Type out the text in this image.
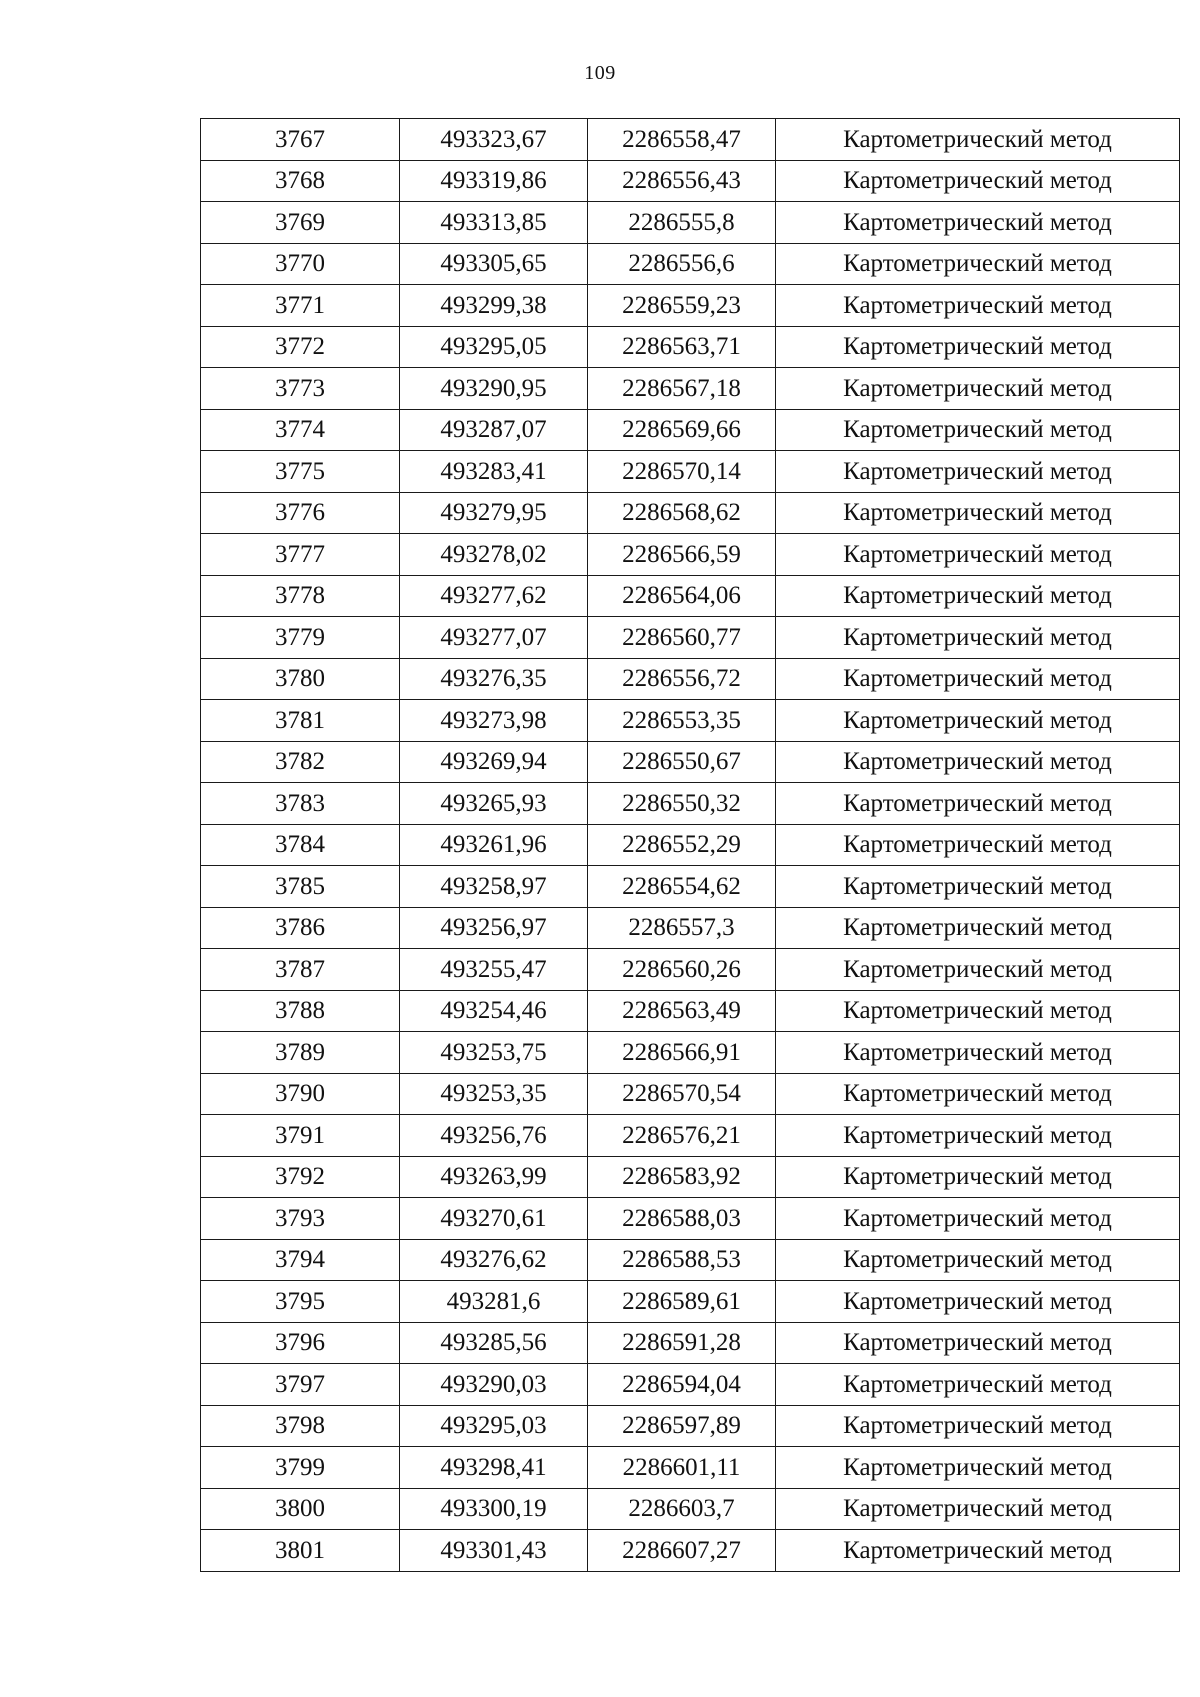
109
3767	493323,67	2286558,47	Картометрический метод
3768	493319,86	2286556,43	Картометрический метод
3769	493313,85	2286555,8	Картометрический метод
3770	493305,65	2286556,6	Картометрический метод
3771	493299,38	2286559,23	Картометрический метод
3772	493295,05	2286563,71	Картометрический метод
3773	493290,95	2286567,18	Картометрический метод
3774	493287,07	2286569,66	Картометрический метод
3775	493283,41	2286570,14	Картометрический метод
3776	493279,95	2286568,62	Картометрический метод
3777	493278,02	2286566,59	Картометрический метод
3778	493277,62	2286564,06	Картометрический метод
3779	493277,07	2286560,77	Картометрический метод
3780	493276,35	2286556,72	Картометрический метод
3781	493273,98	2286553,35	Картометрический метод
3782	493269,94	2286550,67	Картометрический метод
3783	493265,93	2286550,32	Картометрический метод
3784	493261,96	2286552,29	Картометрический метод
3785	493258,97	2286554,62	Картометрический метод
3786	493256,97	2286557,3	Картометрический метод
3787	493255,47	2286560,26	Картометрический метод
3788	493254,46	2286563,49	Картометрический метод
3789	493253,75	2286566,91	Картометрический метод
3790	493253,35	2286570,54	Картометрический метод
3791	493256,76	2286576,21	Картометрический метод
3792	493263,99	2286583,92	Картометрический метод
3793	493270,61	2286588,03	Картометрический метод
3794	493276,62	2286588,53	Картометрический метод
3795	493281,6	2286589,61	Картометрический метод
3796	493285,56	2286591,28	Картометрический метод
3797	493290,03	2286594,04	Картометрический метод
3798	493295,03	2286597,89	Картометрический метод
3799	493298,41	2286601,11	Картометрический метод
3800	493300,19	2286603,7	Картометрический метод
3801	493301,43	2286607,27	Картометрический метод
